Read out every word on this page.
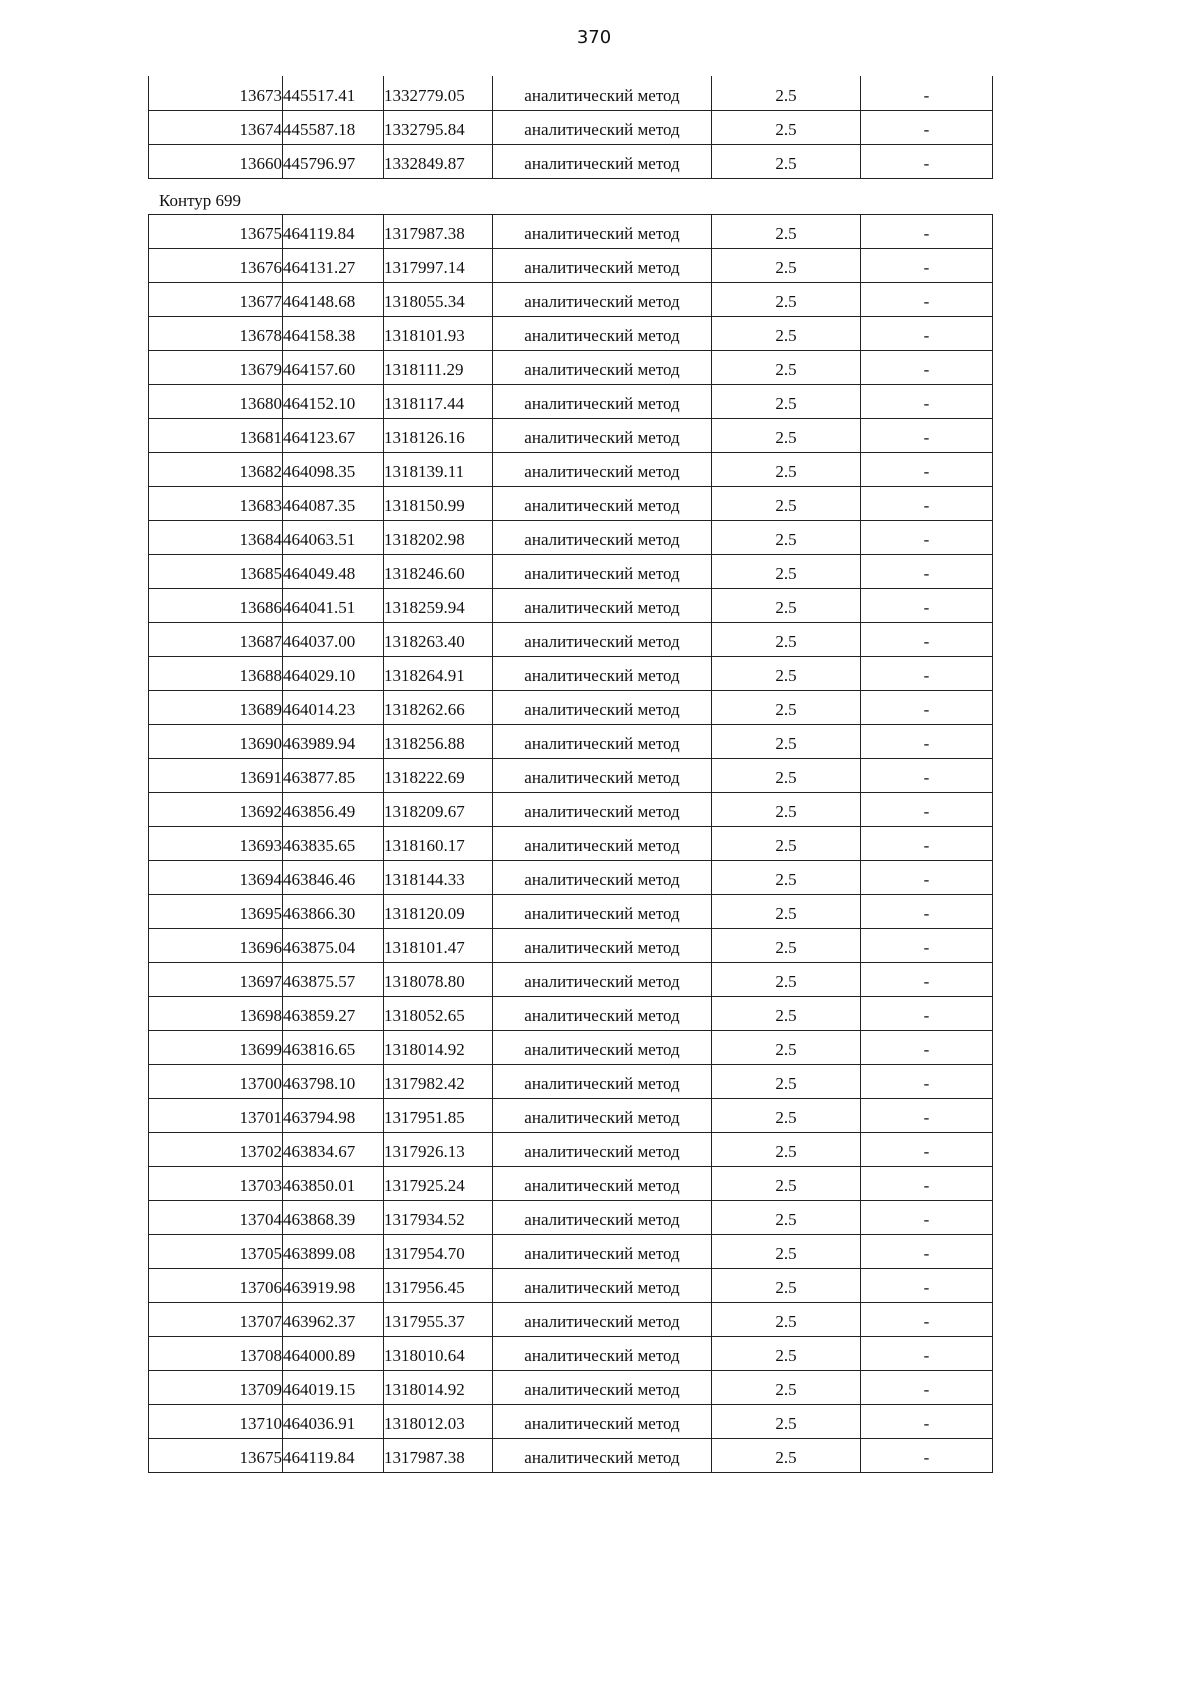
370
13673	445517.41	1332779.05	аналитический метод	2.5	-
13674	445587.18	1332795.84	аналитический метод	2.5	-
13660	445796.97	1332849.87	аналитический метод	2.5	-
Контур 699
13675	464119.84	1317987.38	аналитический метод	2.5	-
13676	464131.27	1317997.14	аналитический метод	2.5	-
13677	464148.68	1318055.34	аналитический метод	2.5	-
13678	464158.38	1318101.93	аналитический метод	2.5	-
13679	464157.60	1318111.29	аналитический метод	2.5	-
13680	464152.10	1318117.44	аналитический метод	2.5	-
13681	464123.67	1318126.16	аналитический метод	2.5	-
13682	464098.35	1318139.11	аналитический метод	2.5	-
13683	464087.35	1318150.99	аналитический метод	2.5	-
13684	464063.51	1318202.98	аналитический метод	2.5	-
13685	464049.48	1318246.60	аналитический метод	2.5	-
13686	464041.51	1318259.94	аналитический метод	2.5	-
13687	464037.00	1318263.40	аналитический метод	2.5	-
13688	464029.10	1318264.91	аналитический метод	2.5	-
13689	464014.23	1318262.66	аналитический метод	2.5	-
13690	463989.94	1318256.88	аналитический метод	2.5	-
13691	463877.85	1318222.69	аналитический метод	2.5	-
13692	463856.49	1318209.67	аналитический метод	2.5	-
13693	463835.65	1318160.17	аналитический метод	2.5	-
13694	463846.46	1318144.33	аналитический метод	2.5	-
13695	463866.30	1318120.09	аналитический метод	2.5	-
13696	463875.04	1318101.47	аналитический метод	2.5	-
13697	463875.57	1318078.80	аналитический метод	2.5	-
13698	463859.27	1318052.65	аналитический метод	2.5	-
13699	463816.65	1318014.92	аналитический метод	2.5	-
13700	463798.10	1317982.42	аналитический метод	2.5	-
13701	463794.98	1317951.85	аналитический метод	2.5	-
13702	463834.67	1317926.13	аналитический метод	2.5	-
13703	463850.01	1317925.24	аналитический метод	2.5	-
13704	463868.39	1317934.52	аналитический метод	2.5	-
13705	463899.08	1317954.70	аналитический метод	2.5	-
13706	463919.98	1317956.45	аналитический метод	2.5	-
13707	463962.37	1317955.37	аналитический метод	2.5	-
13708	464000.89	1318010.64	аналитический метод	2.5	-
13709	464019.15	1318014.92	аналитический метод	2.5	-
13710	464036.91	1318012.03	аналитический метод	2.5	-
13675	464119.84	1317987.38	аналитический метод	2.5	-
